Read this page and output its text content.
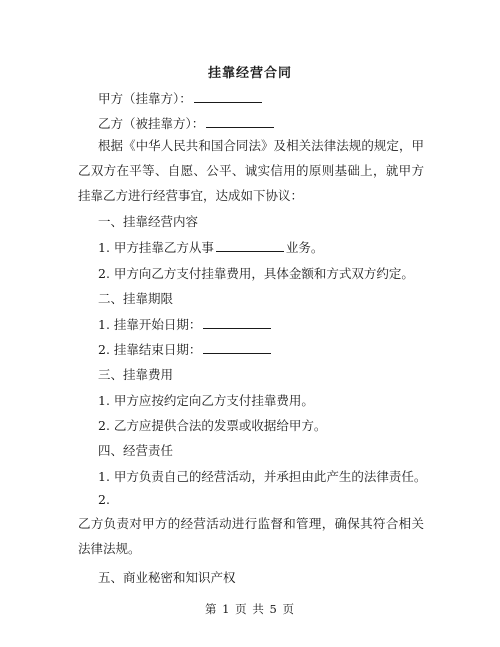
挂靠经营合同
甲方（挂靠方）：
乙方（被挂靠方）：
根据《中华人民共和国合同法》及相关法律法规的规定，甲乙双方在平等、自愿、公平、诚实信用的原则基础上，就甲方挂靠乙方进行经营事宜，达成如下协议：
一、挂靠经营内容
1. 甲方挂靠乙方从事	业务。
2. 甲方向乙方支付挂靠费用，具体金额和方式双方约定。
二、挂靠期限
1. 挂靠开始日期：
2. 挂靠结束日期：
三、挂靠费用
1. 甲方应按约定向乙方支付挂靠费用。
2. 乙方应提供合法的发票或收据给甲方。
四、经营责任
1. 甲方负责自己的经营活动，并承担由此产生的法律责任。
2.
乙方负责对甲方的经营活动进行监督和管理，确保其符合相关法律法规。
五、商业秘密和知识产权
第 1 页 共 5 页
